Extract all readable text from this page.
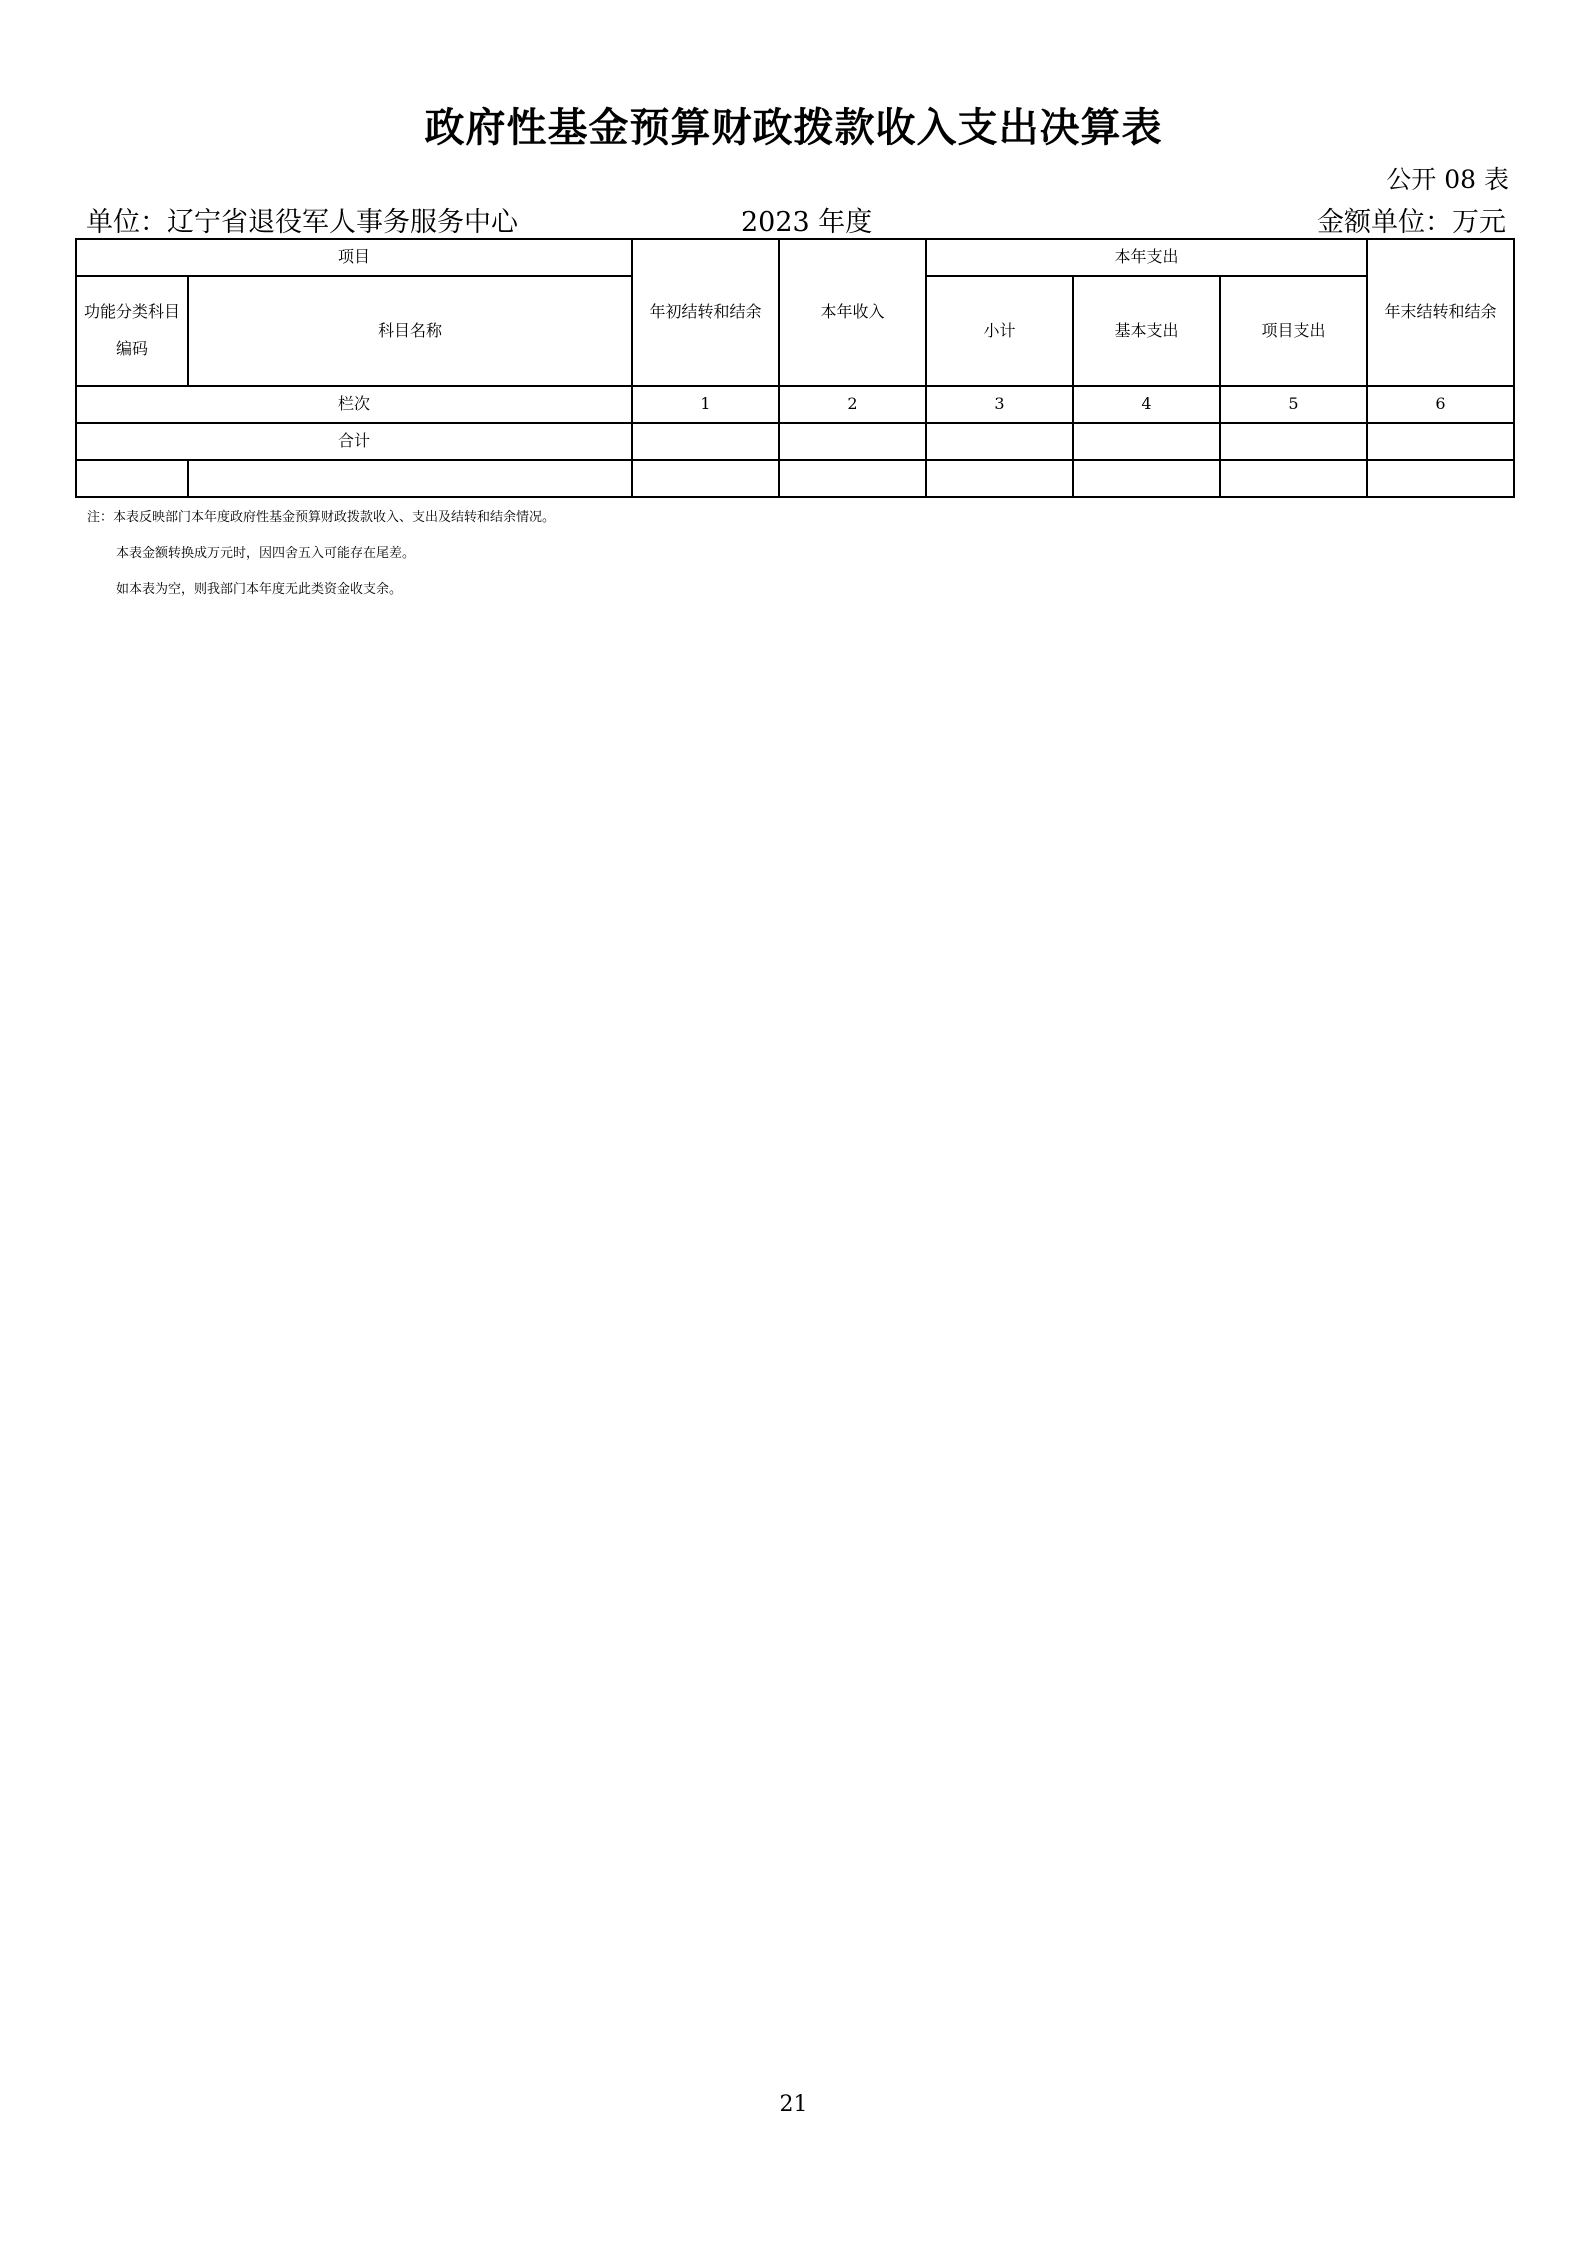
政府性基金预算财政拨款收入支出决算表
公开 08 表
单位：辽宁省退役军人事务服务中心	2023 年度	金额单位：万元
项目		年初结转和结余	本年收入	本年支出			年末结转和结余
功能分类科目编码	科目名称			小计	基本支出	项目支出	
栏次		1	2	3	4	5	6
合计							

注：本表反映部门本年度政府性基金预算财政拨款收入、支出及结转和结余情况。
本表金额转换成万元时，因四舍五入可能存在尾差。
如本表为空，则我部门本年度无此类资金收支余。
21
